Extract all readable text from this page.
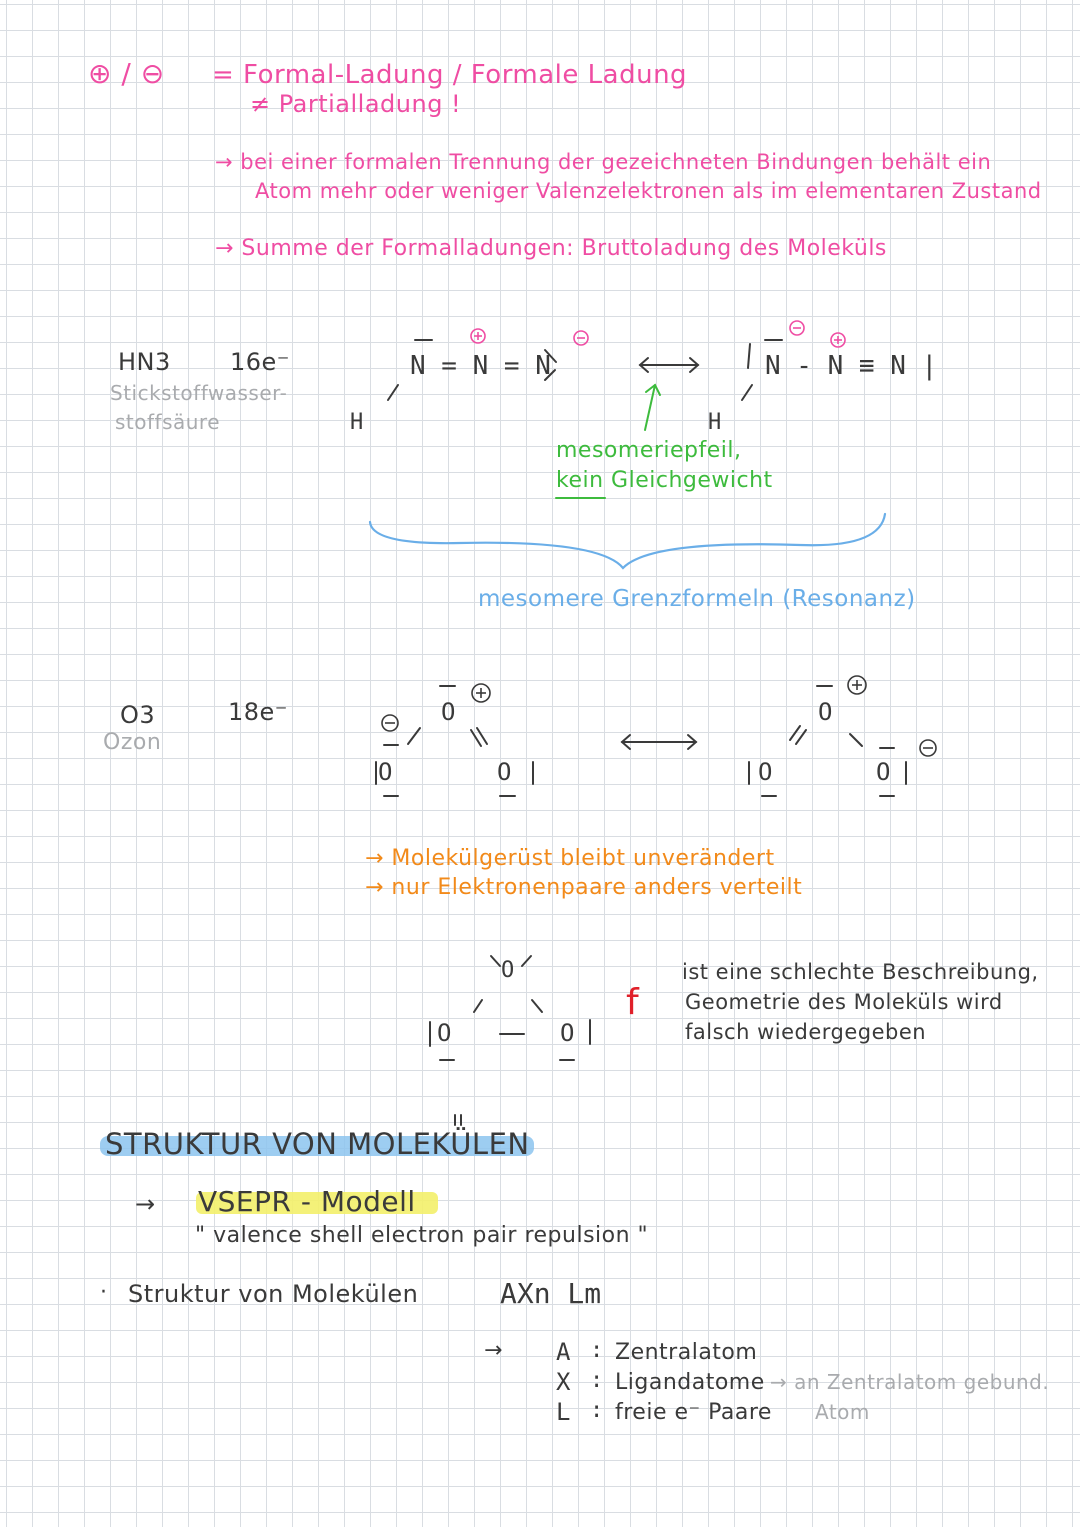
⊕ / ⊖ = Formal-Ladung / Formale Ladung
≠ Partialladung !
→ bei einer formalen Trennung der gezeichneten Bindungen behält ein
Atom mehr oder weniger Valenzelektronen als im elementaren Zustand
→ Summe der Formalladungen: Bruttoladung des Moleküls
HN3 16e⁻
Stickstoffwasser-
stoffsäure
N = N = N
H
N - N ≡ N |
H
mesomeriepfeil,
kein Gleichgewicht
mesomere Grenzformeln (Resonanz)
O3	18e⁻
Ozon
O
O	O
O
O	O
→ Molekülgerüst bleibt unverändert
→ nur Elektronenpaare anders verteilt
O
O	O
f
ist eine schlechte Beschreibung,
Geometrie des Moleküls wird
falsch wiedergegeben
STRUKTUR VON MOLEKÜLEN
→ VSEPR - Modell
" valence shell electron pair repulsion "
· Struktur von Molekülen	AXn Lm
→ A : Zentralatom
X : Ligandatome
L : freie e⁻ Paare
→ an Zentralatom gebund.
Atom
